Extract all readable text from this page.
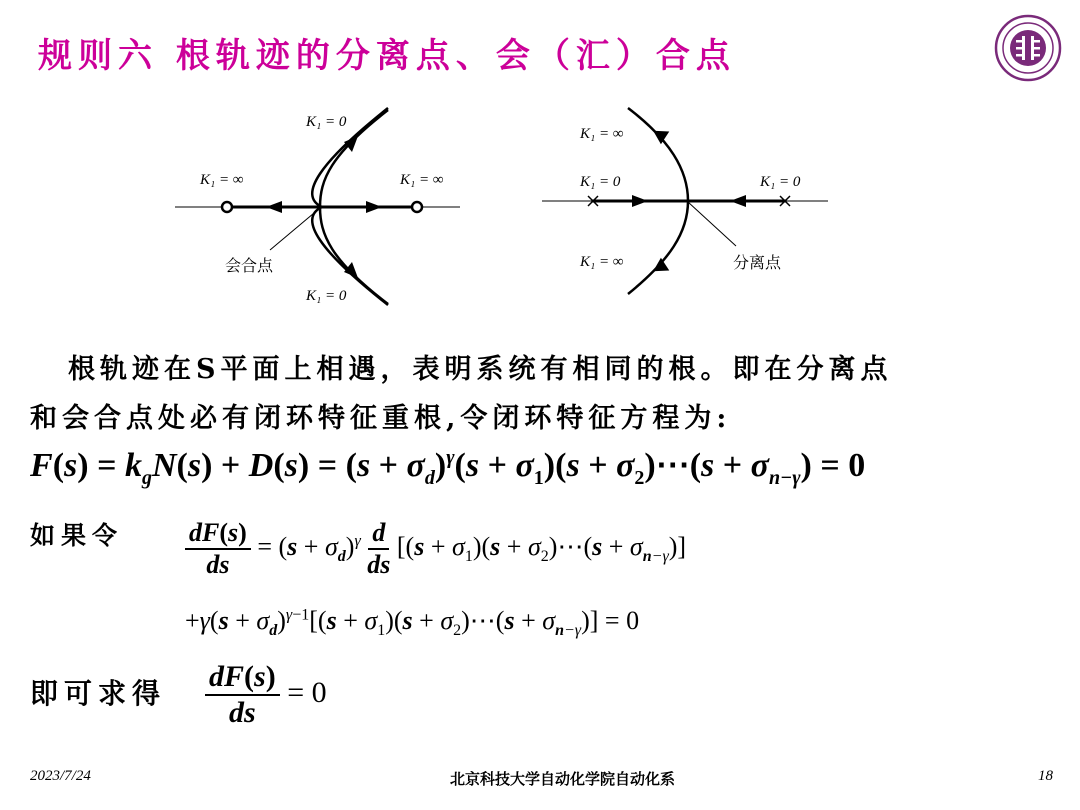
规则六 根轨迹的分离点、会（汇）合点
K₁ = 0
K₁ = 0
K₁ = ∞	K₁ = ∞
会合点
K₁ = ∞
K₁ = ∞
K₁ = 0	K₁ = 0
分离点
根轨迹在S平面上相遇，表明系统有相同的根。即在分离点
和会合点处必有闭环特征重根,令闭环特征方程为:
$F(s) = k_gN(s) + D(s) = (s + \sigma_d)^\gamma(s + \sigma_1)(s$ + $\sigma_2)\cdots(s + \sigma_{n-\gamma}) = 0$
如果令 $\frac{dF(s)}{ds} = (s + \sigma_d)^\gamma \frac{d}{ds} [(s + \sigma_1)(s$ + $\sigma_2)\cdots(s + \sigma_{n-\gamma})$]
$+\gamma(s + \sigma_d)^{\gamma-1}[(s + \sigma_1)(s$ + $\sigma_2)\cdots(s + \sigma_{n-\gamma})] = 0$
即可求得 $\frac{dF(s)}{ds} = 0$
2023/7/24	北京科技大学自动化学院自动化系	18
